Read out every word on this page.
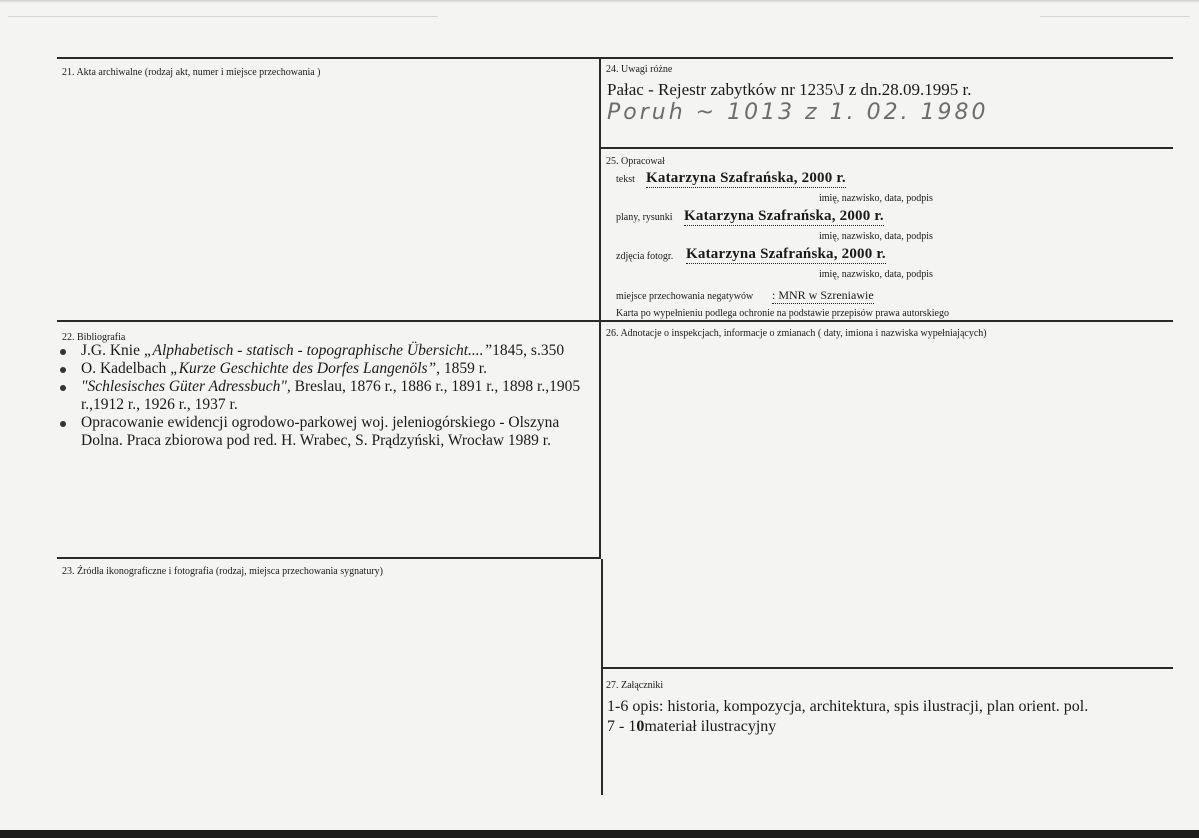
21. Akta archiwalne (rodzaj akt, numer i miejsce przechowania )	24. Uwagi różne
Pałac - Rejestr zabytków nr 1235\J z dn.28.09.1995 r.
Poruh ~ 1013 z 1. 02. 1980
25. Opracował
tekst Katarzyna Szafrańska, 2000 r.
imię, nazwisko, data, podpis
plany, rysunki Katarzyna Szafrańska, 2000 r.
imię, nazwisko, data, podpis
zdjęcia fotogr. Katarzyna Szafrańska, 2000 r.
imię, nazwisko, data, podpis
miejsce przechowania negatywów : MNR w Szreniawie
Karta po wypełnieniu podlega ochronie na podstawie przepisów prawa autorskiego
22. Bibliografia
J.G. Knie „Alphabetisch - statisch - topographische Übersicht....”1845, s.350
O. Kadelbach „Kurze Geschichte des Dorfes Langenöls”, 1859 r.
"Schlesisches Güter Adressbuch", Breslau, 1876 r., 1886 r., 1891 r., 1898 r.,1905 r.,1912 r., 1926 r., 1937 r.
Opracowanie ewidencji ogrodowo-parkowej woj. jeleniogórskiego - Olszyna Dolna. Praca zbiorowa pod red. H. Wrabec, S. Prądzyński, Wrocław 1989 r.
26. Adnotacje o inspekcjach, informacje o zmianach ( daty, imiona i nazwiska wypełniających)
23. Źródła ikonograficzne i fotografia (rodzaj, miejsca przechowania sygnatury)
27. Załączniki
1-6 opis: historia, kompozycja, architektura, spis ilustracji, plan orient. pol.
7 - 10materiał ilustracyjny
